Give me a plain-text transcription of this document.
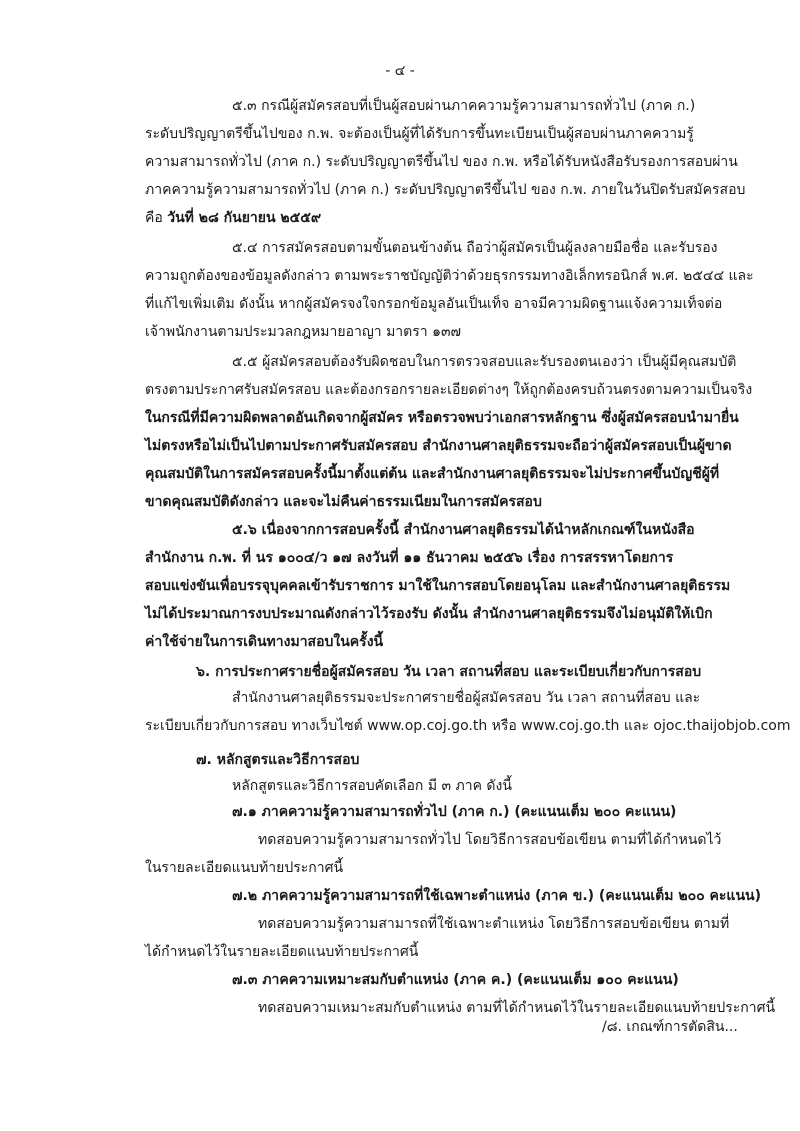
- ๔ -
๕.๓ กรณีผู้สมัครสอบที่เป็นผู้สอบผ่านภาคความรู้ความสามารถทั่วไป (ภาค ก.)
ระดับปริญญาตรีขึ้นไปของ ก.พ. จะต้องเป็นผู้ที่ได้รับการขึ้นทะเบียนเป็นผู้สอบผ่านภาคความรู้
ความสามารถทั่วไป (ภาค ก.) ระดับปริญญาตรีขึ้นไป ของ ก.พ. หรือได้รับหนังสือรับรองการสอบผ่าน
ภาคความรู้ความสามารถทั่วไป (ภาค ก.) ระดับปริญญาตรีขึ้นไป ของ ก.พ. ภายในวันปิดรับสมัครสอบ
คือ วันที่ ๒๘ กันยายน ๒๕๕๙
๕.๔ การสมัครสอบตามขั้นตอนข้างต้น ถือว่าผู้สมัครเป็นผู้ลงลายมือชื่อ และรับรอง
ความถูกต้องของข้อมูลดังกล่าว ตามพระราชบัญญัติว่าด้วยธุรกรรมทางอิเล็กทรอนิกส์ พ.ศ. ๒๕๔๔ และ
ที่แก้ไขเพิ่มเติม ดังนั้น หากผู้สมัครจงใจกรอกข้อมูลอันเป็นเท็จ อาจมีความผิดฐานแจ้งความเท็จต่อ
เจ้าพนักงานตามประมวลกฎหมายอาญา มาตรา ๑๓๗
๕.๕ ผู้สมัครสอบต้องรับผิดชอบในการตรวจสอบและรับรองตนเองว่า เป็นผู้มีคุณสมบัติ
ตรงตามประกาศรับสมัครสอบ และต้องกรอกรายละเอียดต่างๆ ให้ถูกต้องครบถ้วนตรงตามความเป็นจริง
ในกรณีที่มีความผิดพลาดอันเกิดจากผู้สมัคร หรือตรวจพบว่าเอกสารหลักฐาน ซึ่งผู้สมัครสอบนำมายื่น
ไม่ตรงหรือไม่เป็นไปตามประกาศรับสมัครสอบ สำนักงานศาลยุติธรรมจะถือว่าผู้สมัครสอบเป็นผู้ขาด
คุณสมบัติในการสมัครสอบครั้งนี้มาตั้งแต่ต้น และสำนักงานศาลยุติธรรมจะไม่ประกาศขึ้นบัญชีผู้ที่
ขาดคุณสมบัติดังกล่าว และจะไม่คืนค่าธรรมเนียมในการสมัครสอบ
๕.๖ เนื่องจากการสอบครั้งนี้ สำนักงานศาลยุติธรรมได้นำหลักเกณฑ์ในหนังสือ
สำนักงาน ก.พ. ที่ นร ๑๐๐๔/ว ๑๗ ลงวันที่ ๑๑ ธันวาคม ๒๕๕๖ เรื่อง การสรรหาโดยการ
สอบแข่งขันเพื่อบรรจุบุคคลเข้ารับราชการ มาใช้ในการสอบโดยอนุโลม และสำนักงานศาลยุติธรรม
ไม่ได้ประมาณการงบประมาณดังกล่าวไว้รองรับ ดังนั้น สำนักงานศาลยุติธรรมจึงไม่อนุมัติให้เบิก
ค่าใช้จ่ายในการเดินทางมาสอบในครั้งนี้
๖. การประกาศรายชื่อผู้สมัครสอบ วัน เวลา สถานที่สอบ และระเบียบเกี่ยวกับการสอบ
สำนักงานศาลยุติธรรมจะประกาศรายชื่อผู้สมัครสอบ วัน เวลา สถานที่สอบ และ
ระเบียบเกี่ยวกับการสอบ ทางเว็บไซต์ www.op.coj.go.th หรือ www.coj.go.th และ ojoc.thaijobjob.com
๗. หลักสูตรและวิธีการสอบ
หลักสูตรและวิธีการสอบคัดเลือก มี ๓ ภาค ดังนี้
๗.๑ ภาคความรู้ความสามารถทั่วไป (ภาค ก.) (คะแนนเต็ม ๒๐๐ คะแนน)
ทดสอบความรู้ความสามารถทั่วไป โดยวิธีการสอบข้อเขียน ตามที่ได้กำหนดไว้
ในรายละเอียดแนบท้ายประกาศนี้
๗.๒ ภาคความรู้ความสามารถที่ใช้เฉพาะตำแหน่ง (ภาค ข.) (คะแนนเต็ม ๒๐๐ คะแนน)
ทดสอบความรู้ความสามารถที่ใช้เฉพาะตำแหน่ง โดยวิธีการสอบข้อเขียน ตามที่
ได้กำหนดไว้ในรายละเอียดแนบท้ายประกาศนี้
๗.๓ ภาคความเหมาะสมกับตำแหน่ง (ภาค ค.) (คะแนนเต็ม ๑๐๐ คะแนน)
ทดสอบความเหมาะสมกับตำแหน่ง ตามที่ได้กำหนดไว้ในรายละเอียดแนบท้ายประกาศนี้
/๘. เกณฑ์การตัดสิน...
